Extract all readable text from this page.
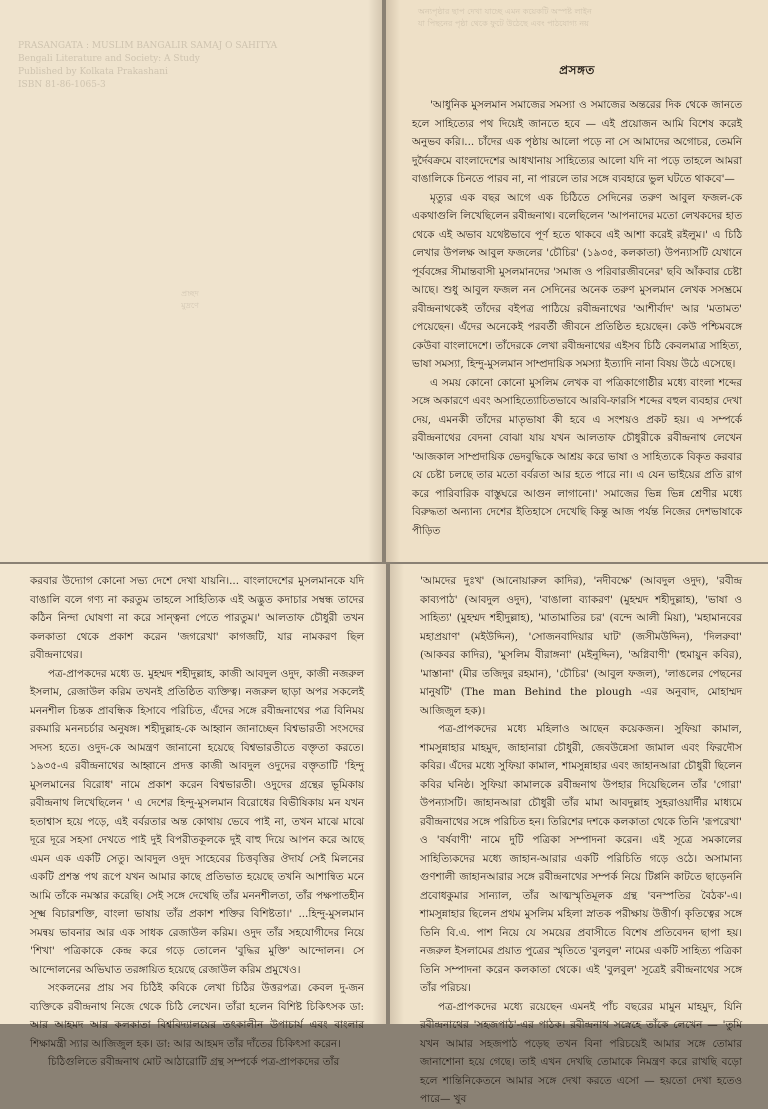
PRASANGATA : MUSLIM BANGALIR SAMAJ O SAHITYA
Bengali Literature and Society: A Study
Published by Kolkata Prakashani
ISBN 81-86-1065-3
প্রচ্ছদ
মুদ্রণে
অন্যপৃষ্ঠার ছাপ দেখা যাচ্ছে এমন কয়েকটি অস্পষ্ট লাইন
যা পিছনের পৃষ্ঠা থেকে ফুটে উঠেছে এবং পাঠযোগ্য নয়
প্রসঙ্গত

'আধুনিক মুসলমান সমাজের সমস্যা ও সমাজের অন্তরের দিক থেকে জানতে হলে সাহিত্যের পথ দিয়েই জানতে হবে — এই প্রয়োজন আমি বিশেষ করেই অনুভব করি।... চাঁদের এক পৃষ্ঠায় আলো পড়ে না সে আমাদের অগোচর, তেমনি দুর্দৈবক্রমে বাংলাদেশের আধখানায় সাহিত্যের আলো যদি না পড়ে তাহলে আমরা বাঙালিকে চিনতে পারব না, না পারলে তার সঙ্গে ব্যবহারে ভুল ঘটতে থাকবে'—

মৃত্যুর এক বছর আগে এক চিঠিতে সেদিনের তরুণ আবুল ফজল-কে একথাগুলি লিখেছিলেন রবীন্দ্রনাথ। বলেছিলেন 'আপনাদের মতো লেখকদের হাত থেকে এই অভাব যথেষ্টভাবে পূর্ণ হতে থাকবে এই আশা করেই রইলুম।' এ চিঠি লেখার উপলক্ষ আবুল ফজলের 'চৌচির' (১৯৩৫, কলকাতা) উপন্যাসটি যেখানে পূর্ববঙ্গের সীমান্তবাসী মুসলমানদের 'সমাজ ও পরিবারজীবনের' ছবি আঁকবার চেষ্টা আছে। শুধু আবুল ফজল নন সেদিনের অনেক তরুণ মুসলমান লেখক সসম্ভ্রমে রবীন্দ্রনাথকেই তাঁদের বইপত্র পাঠিয়ে রবীন্দ্রনাথের 'আশীর্বাদ' আর 'মতামত' পেয়েছেন। এঁদের অনেকেই পরবর্তী জীবনে প্রতিষ্ঠিত হয়েছেন। কেউ পশ্চিমবঙ্গে কেউবা বাংলাদেশে। তাঁদেরকে লেখা রবীন্দ্রনাথের এইসব চিঠি কেবলমাত্র সাহিত্য, ভাষা সমস্যা, হিন্দু-মুসলমান সাম্প্রদায়িক সমস্যা ইত্যাদি নানা বিষয় উঠে এসেছে।

এ সময় কোনো কোনো মুসলিম লেখক বা পত্রিকাগোষ্ঠীর মধ্যে বাংলা শব্দের সঙ্গে অকারণে এবং অসাহিত্যোচিতভাবে আরবি-ফারসি শব্দের বহুল ব্যবহার দেখা দেয়, এমনকী তাঁদের মাতৃভাষা কী হবে এ সংশয়ও প্রকট হয়। এ সম্পর্কে রবীন্দ্রনাথের বেদনা বোঝা যায় যখন আলতাফ চৌধুরীকে রবীন্দ্রনাথ লেখেন 'আজকাল সাম্প্রদায়িক ভেদবুদ্ধিকে আশ্রয় করে ভাষা ও সাহিত্যকে বিকৃত করবার যে চেষ্টা চলছে তার মতো বর্বরতা আর হতে পারে না। এ যেন ভাইয়ের প্রতি রাগ করে পারিবারিক বাস্তুঘরে আগুন লাগানো।' সমাজের ভিন্ন ভিন্ন শ্রেণীর মধ্যে বিরুদ্ধতা অন্যান্য দেশের ইতিহাসে দেখেছি কিন্তু আজ পর্যন্ত নিজের দেশভাষাকে পীড়িত

করবার উদ্যোগ কোনো সভ্য দেশে দেখা যায়নি।... বাংলাদেশের মুসলমানকে যদি বাঙালি বলে গণ্য না করতুম তাহলে সাহিত্যিক এই অদ্ভুত কদাচার সম্বন্ধ তাদের কঠিন নিন্দা ঘোষণা না করে সান্ত্বনা পেতে পারতুম।' আলতাফ চৌধুরী তখন কলকাতা থেকে প্রকাশ করেন 'জগরেখা' কাগজটি, যার নামকরণ ছিল রবীন্দ্রনাথের।

পত্র-প্রাপকদের মধ্যে ড. মুহম্মদ শহীদুল্লাহ, কাজী আবদুল ওদুদ, কাজী নজরুল ইসলাম, রেজাউল করিম তখনই প্রতিষ্ঠিত ব্যক্তিত্ব। নজরুল ছাড়া অপর সকলেই মননশীল চিন্তক প্রাবন্ধিক হিসাবে পরিচিত, এঁদের সঙ্গে রবীন্দ্রনাথের পত্র বিনিময় রকমারি মননচর্চার অনুষঙ্গ। শহীদুল্লাহ-কে আহ্বান জানাচ্ছেন বিশ্বভারতী সংসদের সদস্য হতে। ওদুদ-কে আমন্ত্রণ জানানো হয়েছে বিশ্বভারতীতে বক্তৃতা করতে। ১৯৩৫-এ রবীন্দ্রনাথের আহ্বানে প্রদত্ত কাজী আবদুল ওদুদের বক্তৃতাটি 'হিন্দু মুসলমানের বিরোধ' নামে প্রকাশ করেন বিশ্বভারতী। ওদুদের গ্রন্থের ভূমিকায় রবীন্দ্রনাথ লিখেছিলেন ' এ দেশের হিন্দু-মুসলমান বিরোধের বিভীষিকায় মন যখন হতাশ্বাস হয়ে পড়ে, এই বর্বরতার অন্ত কোথায় ভেবে পাই না, তখন মাঝে মাঝে দূরে দূরে সহসা দেখতে পাই দুই বিপরীতকূলকে দুই বাহু দিয়ে আপন করে আছে এমন এক একটি সেতু। আবদুল ওদুদ সাহেবের চিত্তবৃত্তির ঔদার্য সেই মিলনের একটি প্রশস্ত পথ রূপে যখন আমার কাছে প্রতিভাত হয়েছে তখনি আশান্বিত মনে আমি তাঁকে নমস্কার করেছি। সেই সঙ্গে দেখেছি তাঁর মননশীলতা, তাঁর পক্ষপাতহীন সূক্ষ্ম বিচারশক্তি, বাংলা ভাষায় তাঁর প্রকাশ শক্তির বিশিষ্টতা।' ...হিন্দু-মুসলমান সমন্বয় ভাবনার আর এক সাধক রেজাউল করিম। ওদুদ তাঁর সহযোগীদের নিয়ে 'শিখা' পত্রিকাকে কেন্দ্র করে গড়ে তোলেন 'বুদ্ধির মুক্তি' আন্দোলন। সে আন্দোলনের অভিঘাত তরঙ্গায়িত হয়েছে রেজাউল করিম প্রমুখেও।

সংকলনের প্রায় সব চিঠিই কবিকে লেখা চিঠির উত্তরপত্র। কেবল দু-জন ব্যক্তিকে রবীন্দ্রনাথ নিজে থেকে চিঠি লেখেন। তাঁরা হলেন বিশিষ্ট চিকিৎসক ডা: আর আহমদ আর কলকাতা বিশ্ববিদ্যালয়ের তৎকালীন উপাচার্য এবং বাংলার শিক্ষামন্ত্রী স্যার আজিজুল হক। ডা: আর আহমদ তাঁর দাঁতের চিকিৎসা করেন।

চিঠিগুলিতে রবীন্দ্রনাথ মোট আঠারোটি গ্রন্থ সম্পর্কে পত্র-প্রাপকদের তাঁর

'আমদের দুঃখ' (আনোয়ারুল কাদির), 'নদীবক্ষে' (আবদুল ওদুদ), 'রবীন্দ্র কাব্যপাঠ' (আবদুল ওদুদ), 'বাঙালা ব্যাকরণ' (মুহম্মদ শহীদুল্লাহ), 'ভাষা ও সাহিত্য' (মুহম্মদ শহীদুল্লাহ), 'মাতামাতির চর' (বন্দে আলী মিয়া), 'মহামানবের মহাপ্রয়াণ' (মইউদ্দিন), 'সোজনবাদিয়ার ঘাট' (জসীমউদ্দিন), 'দিলরুবা' (আকবর কাদির), 'মুসলিম বীরাঙ্গনা' (মইনুদ্দিন), 'অগ্নিবাণী' (হুমায়ুন কবির), 'মাস্তানা' (মীর তজিদুর রহমান), 'চৌচির' (আবুল ফজল), 'লাঙলের পেছনের মানুষটি' (The man Behind the plough -এর অনুবাদ, মোহাম্মদ আজিজুল হক)।

পত্র-প্রাপকদের মধ্যে মহিলাও আছেন কয়েকজন। সুফিয়া কামাল, শামসুন্নাহার মাহমুদ, জাহানারা চৌধুরী, জেবউন্নেসা জামাল এবং ফিরদৌস কবির। এঁদের মধ্যে সুফিয়া কামাল, শামসুন্নাহার এবং জাহানআরা চৌধুরী ছিলেন কবির ঘনিষ্ঠ। সুফিয়া কামালকে রবীন্দ্রনাথ উপহার দিয়েছিলেন তাঁর 'গোরা' উপন্যাসটি। জাহানআরা চৌধুরী তাঁর মামা আবদুল্লাহ সুহরাওয়ার্দীর মাধ্যমে রবীন্দ্রনাথের সঙ্গে পরিচিত হন। তিরিশের দশকে কলকাতা থেকে তিনি 'রূপরেখা' ও 'বর্ষবাণী' নামে দুটি পত্রিকা সম্পাদনা করেন। এই সূত্রে সমকালের সাহিত্যিকদের মধ্যে জাহান-আরার একটি পরিচিতি গড়ে ওঠে। অসামান্য গুণশালী জাহানআরার সঙ্গে রবীন্দ্রনাথের সম্পর্ক নিয়ে টিপ্পনি কাটতে ছাড়েননি প্রবোধকুমার সান্যাল, তাঁর আত্মস্মৃতিমূলক গ্রন্থ 'বনস্পতির বৈঠক'-এ। শামসুন্নাহার ছিলেন প্রথম মুসলিম মহিলা স্নাতক পরীক্ষায় উত্তীর্ণ। কৃতিত্বের সঙ্গে তিনি বি.এ. পাশ নিয়ে যে সময়ের প্রবাসীতে বিশেষ প্রতিবেদন ছাপা হয়। নজরুল ইসলামের প্রয়াত পুত্রের স্মৃতিতে 'বুলবুল' নামের একটি সাহিত্য পত্রিকা তিনি সম্পাদনা করেন কলকাতা থেকে। এই 'বুলবুল' সূত্রেই রবীন্দ্রনাথের সঙ্গে তাঁর পরিচয়।

পত্র-প্রাপকদের মধ্যে রয়েছেন এমনই পাঁচ বছরের মামুন মাহমুদ, যিনি রবীন্দ্রনাথের 'সহজপাঠ'-এর পাঠক। রবীন্দ্রনাথ সস্নেহে তাঁকে লেখেন — 'তুমি যখন আমার সহজপাঠ পড়েছ তখন বিনা পরিচয়েই আমার সঙ্গে তোমার জানাশোনা হয়ে গেছে। তাই এখন দেখছি তোমাকে নিমন্ত্রণ করে রাখছি বড়ো হলে শান্তিনিকেতনে আমার সঙ্গে দেখা করতে এসো — হয়তো দেখা হতেও পারে— খুব
